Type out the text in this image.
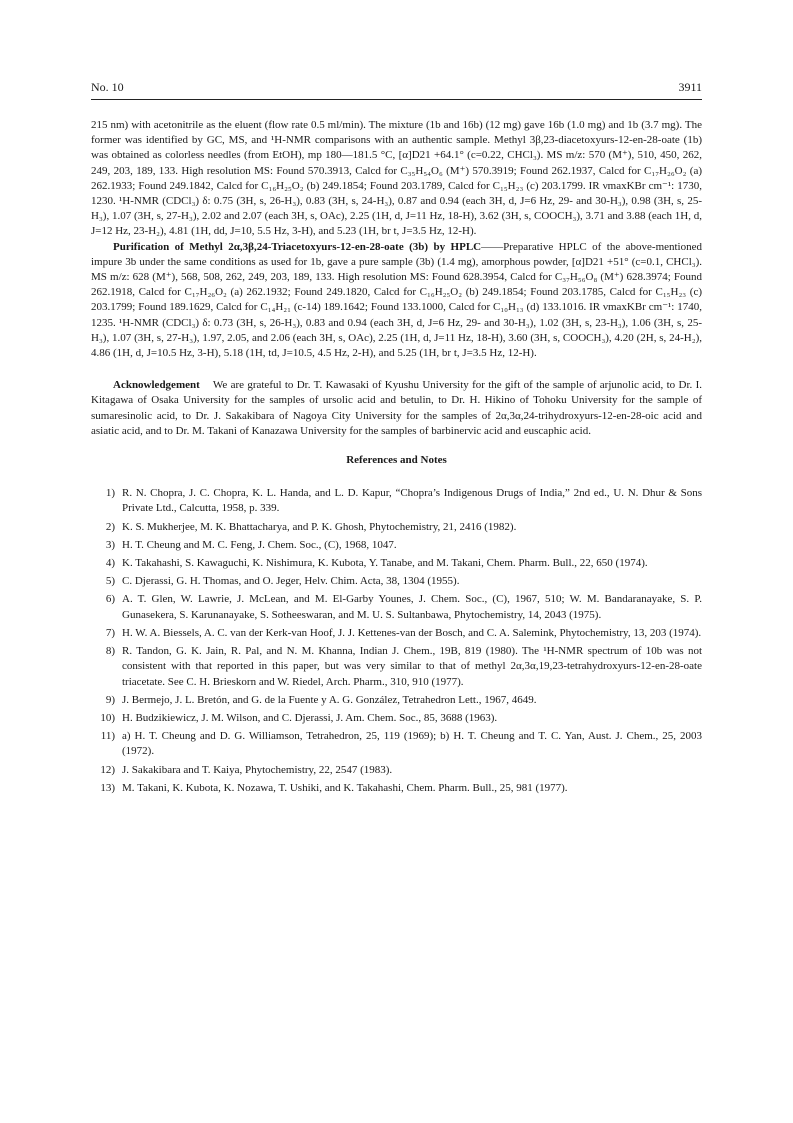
No. 10	3911

215 nm) with acetonitrile as the eluent (flow rate 0.5 ml/min). The mixture (1b and 16b) (12 mg) gave 16b (1.0 mg) and 1b (3.7 mg). The former was identified by GC, MS, and ¹H-NMR comparisons with an authentic sample. Methyl 3β,23-diacetoxyurs-12-en-28-oate (1b) was obtained as colorless needles (from EtOH), mp 180—181.5 °C, [α]D21 +64.1° (c=0.22, CHCl₃). MS m/z: 570 (M⁺), 510, 450, 262, 249, 203, 189, 133. High resolution MS: Found 570.3913, Calcd for C₃₅H₅₄O₆ (M⁺) 570.3919; Found 262.1937, Calcd for C₁₇H₂₆O₂ (a) 262.1933; Found 249.1842, Calcd for C₁₆H₂₅O₂ (b) 249.1854; Found 203.1789, Calcd for C₁₅H₂₃ (c) 203.1799. IR νmaxKBr cm⁻¹: 1730, 1230. ¹H-NMR (CDCl₃) δ: 0.75 (3H, s, 26-H₃), 0.83 (3H, s, 24-H₃), 0.87 and 0.94 (each 3H, d, J=6 Hz, 29- and 30-H₃), 0.98 (3H, s, 25-H₃), 1.07 (3H, s, 27-H₃), 2.02 and 2.07 (each 3H, s, OAc), 2.25 (1H, d, J=11 Hz, 18-H), 3.62 (3H, s, COOCH₃), 3.71 and 3.88 (each 1H, d, J=12 Hz, 23-H₂), 4.81 (1H, dd, J=10, 5.5 Hz, 3-H), and 5.23 (1H, br t, J=3.5 Hz, 12-H).

Purification of Methyl 2α,3β,24-Triacetoxyurs-12-en-28-oate (3b) by HPLC——Preparative HPLC of the above-mentioned impure 3b under the same conditions as used for 1b, gave a pure sample (3b) (1.4 mg), amorphous powder, [α]D21 +51° (c=0.1, CHCl₃). MS m/z: 628 (M⁺), 568, 508, 262, 249, 203, 189, 133. High resolution MS: Found 628.3954, Calcd for C₃₇H₅₆O₈ (M⁺) 628.3974; Found 262.1918, Calcd for C₁₇H₂₆O₂ (a) 262.1932; Found 249.1820, Calcd for C₁₆H₂₅O₂ (b) 249.1854; Found 203.1785, Calcd for C₁₅H₂₃ (c) 203.1799; Found 189.1629, Calcd for C₁₄H₂₁ (c-14) 189.1642; Found 133.1000, Calcd for C₁₀H₁₃ (d) 133.1016. IR νmaxKBr cm⁻¹: 1740, 1235. ¹H-NMR (CDCl₃) δ: 0.73 (3H, s, 26-H₃), 0.83 and 0.94 (each 3H, d, J=6 Hz, 29- and 30-H₃), 1.02 (3H, s, 23-H₃), 1.06 (3H, s, 25-H₃), 1.07 (3H, s, 27-H₃), 1.97, 2.05, and 2.06 (each 3H, s, OAc), 2.25 (1H, d, J=11 Hz, 18-H), 3.60 (3H, s, COOCH₃), 4.20 (2H, s, 24-H₂), 4.86 (1H, d, J=10.5 Hz, 3-H), 5.18 (1H, td, J=10.5, 4.5 Hz, 2-H), and 5.25 (1H, br t, J=3.5 Hz, 12-H).

Acknowledgement We are grateful to Dr. T. Kawasaki of Kyushu University for the gift of the sample of arjunolic acid, to Dr. I. Kitagawa of Osaka University for the samples of ursolic acid and betulin, to Dr. H. Hikino of Tohoku University for the sample of sumaresinolic acid, to Dr. J. Sakakibara of Nagoya City University for the samples of 2α,3α,24-trihydroxyurs-12-en-28-oic acid and asiatic acid, and to Dr. M. Takani of Kanazawa University for the samples of barbinervic acid and euscaphic acid.

References and Notes
1) R. N. Chopra, J. C. Chopra, K. L. Handa, and L. D. Kapur, “Chopra’s Indigenous Drugs of India,” 2nd ed., U. N. Dhur & Sons Private Ltd., Calcutta, 1958, p. 339.
2) K. S. Mukherjee, M. K. Bhattacharya, and P. K. Ghosh, Phytochemistry, 21, 2416 (1982).
3) H. T. Cheung and M. C. Feng, J. Chem. Soc., (C), 1968, 1047.
4) K. Takahashi, S. Kawaguchi, K. Nishimura, K. Kubota, Y. Tanabe, and M. Takani, Chem. Pharm. Bull., 22, 650 (1974).
5) C. Djerassi, G. H. Thomas, and O. Jeger, Helv. Chim. Acta, 38, 1304 (1955).
6) A. T. Glen, W. Lawrie, J. McLean, and M. El-Garby Younes, J. Chem. Soc., (C), 1967, 510; W. M. Bandaranayake, S. P. Gunasekera, S. Karunanayake, S. Sotheeswaran, and M. U. S. Sultanbawa, Phytochemistry, 14, 2043 (1975).
7) H. W. A. Biessels, A. C. van der Kerk-van Hoof, J. J. Kettenes-van der Bosch, and C. A. Salemink, Phytochemistry, 13, 203 (1974).
8) R. Tandon, G. K. Jain, R. Pal, and N. M. Khanna, Indian J. Chem., 19B, 819 (1980). The ¹H-NMR spectrum of 10b was not consistent with that reported in this paper, but was very similar to that of methyl 2α,3α,19,23-tetrahydroxyurs-12-en-28-oate triacetate. See C. H. Brieskorn and W. Riedel, Arch. Pharm., 310, 910 (1977).
9) J. Bermejo, J. L. Bretón, and G. de la Fuente y A. G. González, Tetrahedron Lett., 1967, 4649.
10) H. Budzikiewicz, J. M. Wilson, and C. Djerassi, J. Am. Chem. Soc., 85, 3688 (1963).
11) a) H. T. Cheung and D. G. Williamson, Tetrahedron, 25, 119 (1969); b) H. T. Cheung and T. C. Yan, Aust. J. Chem., 25, 2003 (1972).
12) J. Sakakibara and T. Kaiya, Phytochemistry, 22, 2547 (1983).
13) M. Takani, K. Kubota, K. Nozawa, T. Ushiki, and K. Takahashi, Chem. Pharm. Bull., 25, 981 (1977).
